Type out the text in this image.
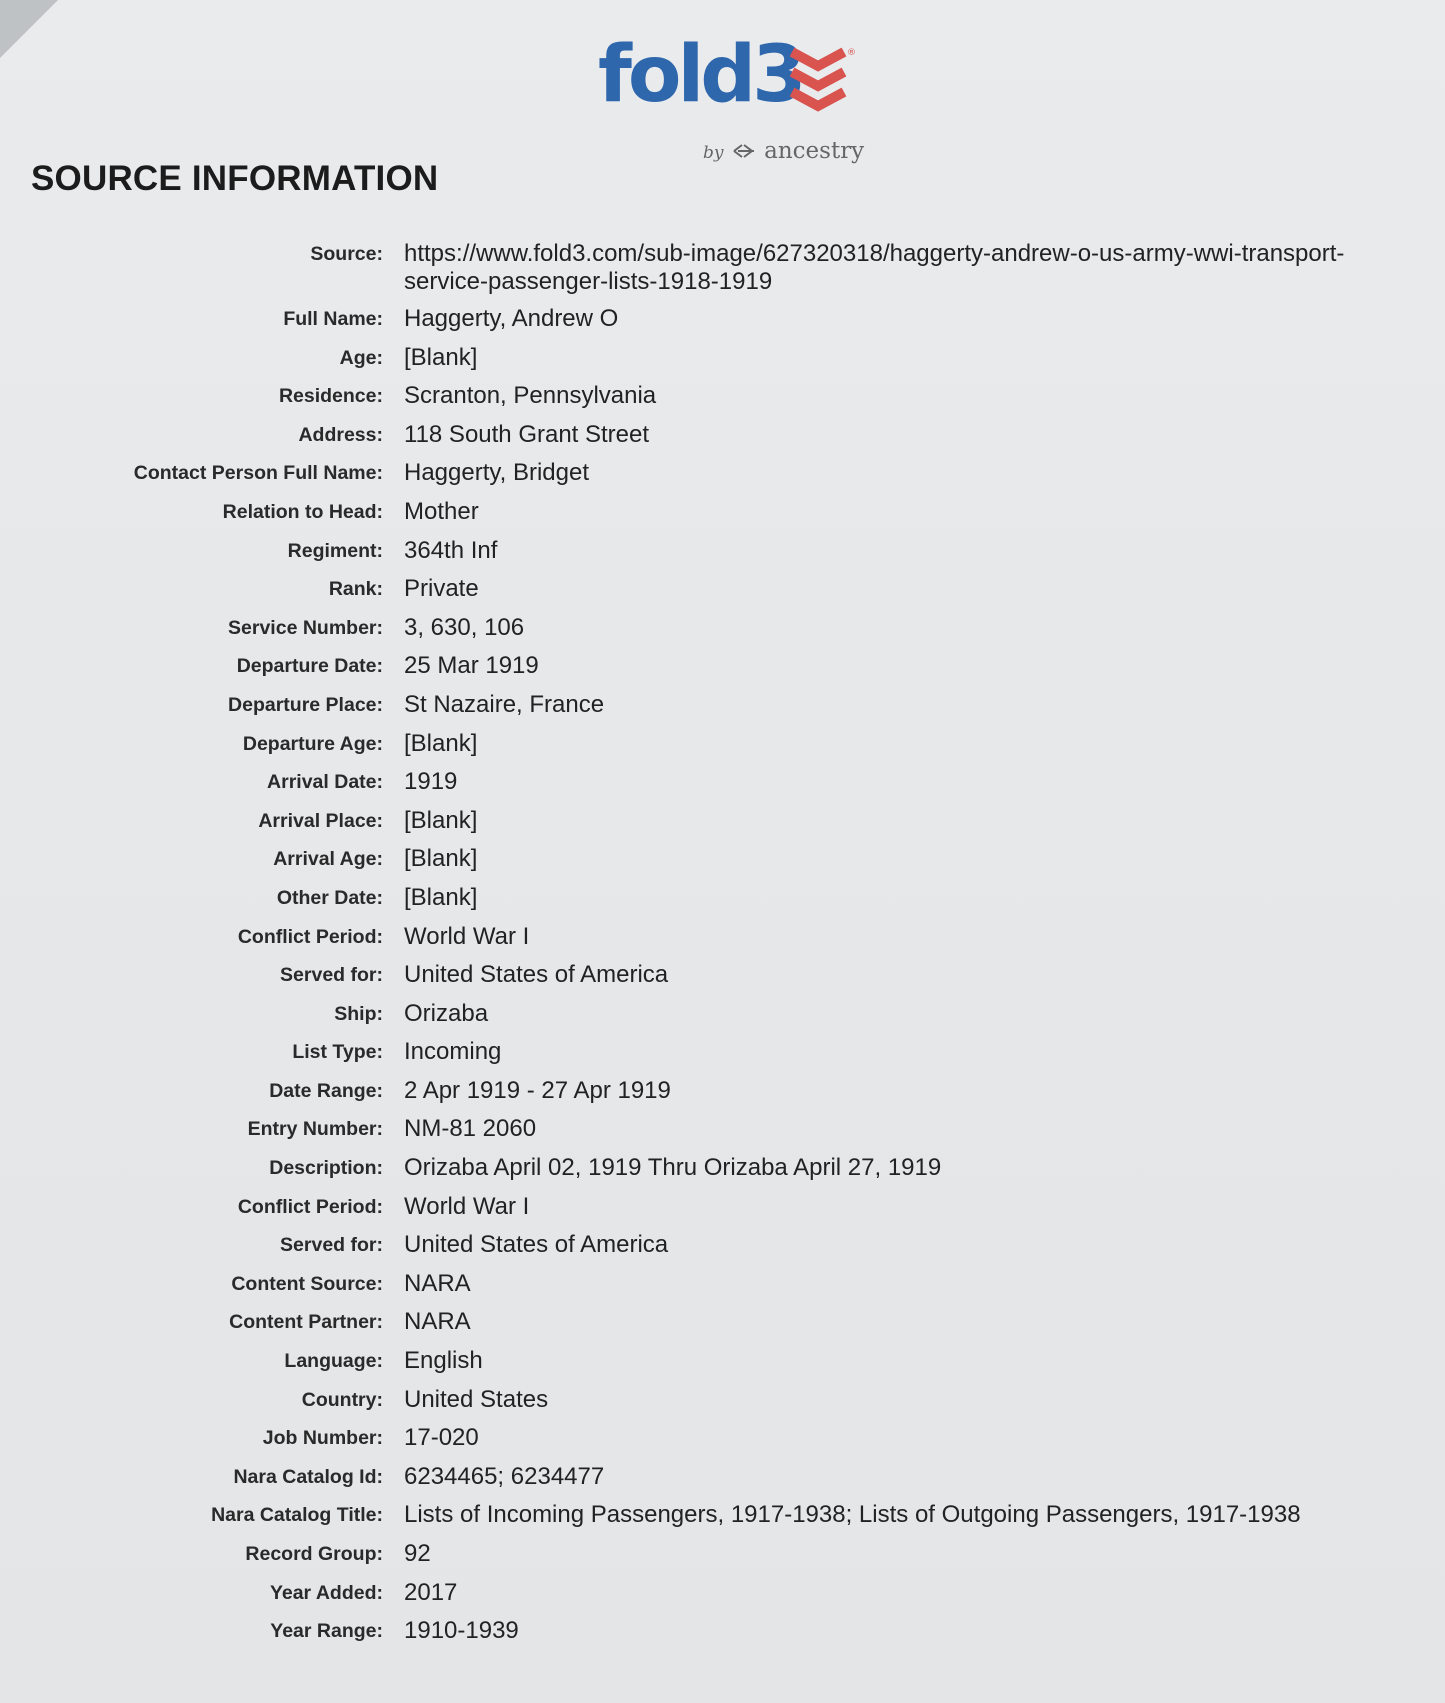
fold3	®
by ancestry
SOURCE INFORMATION
Source: https://www.fold3.com/sub-image/627320318/haggerty-andrew-o-us-army-wwi-transport-service-passenger-lists-1918-1919
Full Name: Haggerty, Andrew O
Age: [Blank]
Residence: Scranton, Pennsylvania
Address: 118 South Grant Street
Contact Person Full Name: Haggerty, Bridget
Relation to Head: Mother
Regiment: 364th Inf
Rank: Private
Service Number: 3, 630, 106
Departure Date: 25 Mar 1919
Departure Place: St Nazaire, France
Departure Age: [Blank]
Arrival Date: 1919
Arrival Place: [Blank]
Arrival Age: [Blank]
Other Date: [Blank]
Conflict Period: World War I
Served for: United States of America
Ship: Orizaba
List Type: Incoming
Date Range: 2 Apr 1919 - 27 Apr 1919
Entry Number: NM-81 2060
Description: Orizaba April 02, 1919 Thru Orizaba April 27, 1919
Conflict Period: World War I
Served for: United States of America
Content Source: NARA
Content Partner: NARA
Language: English
Country: United States
Job Number: 17-020
Nara Catalog Id: 6234465; 6234477
Nara Catalog Title: Lists of Incoming Passengers, 1917-1938; Lists of Outgoing Passengers, 1917-1938
Record Group: 92
Year Added: 2017
Year Range: 1910-1939
